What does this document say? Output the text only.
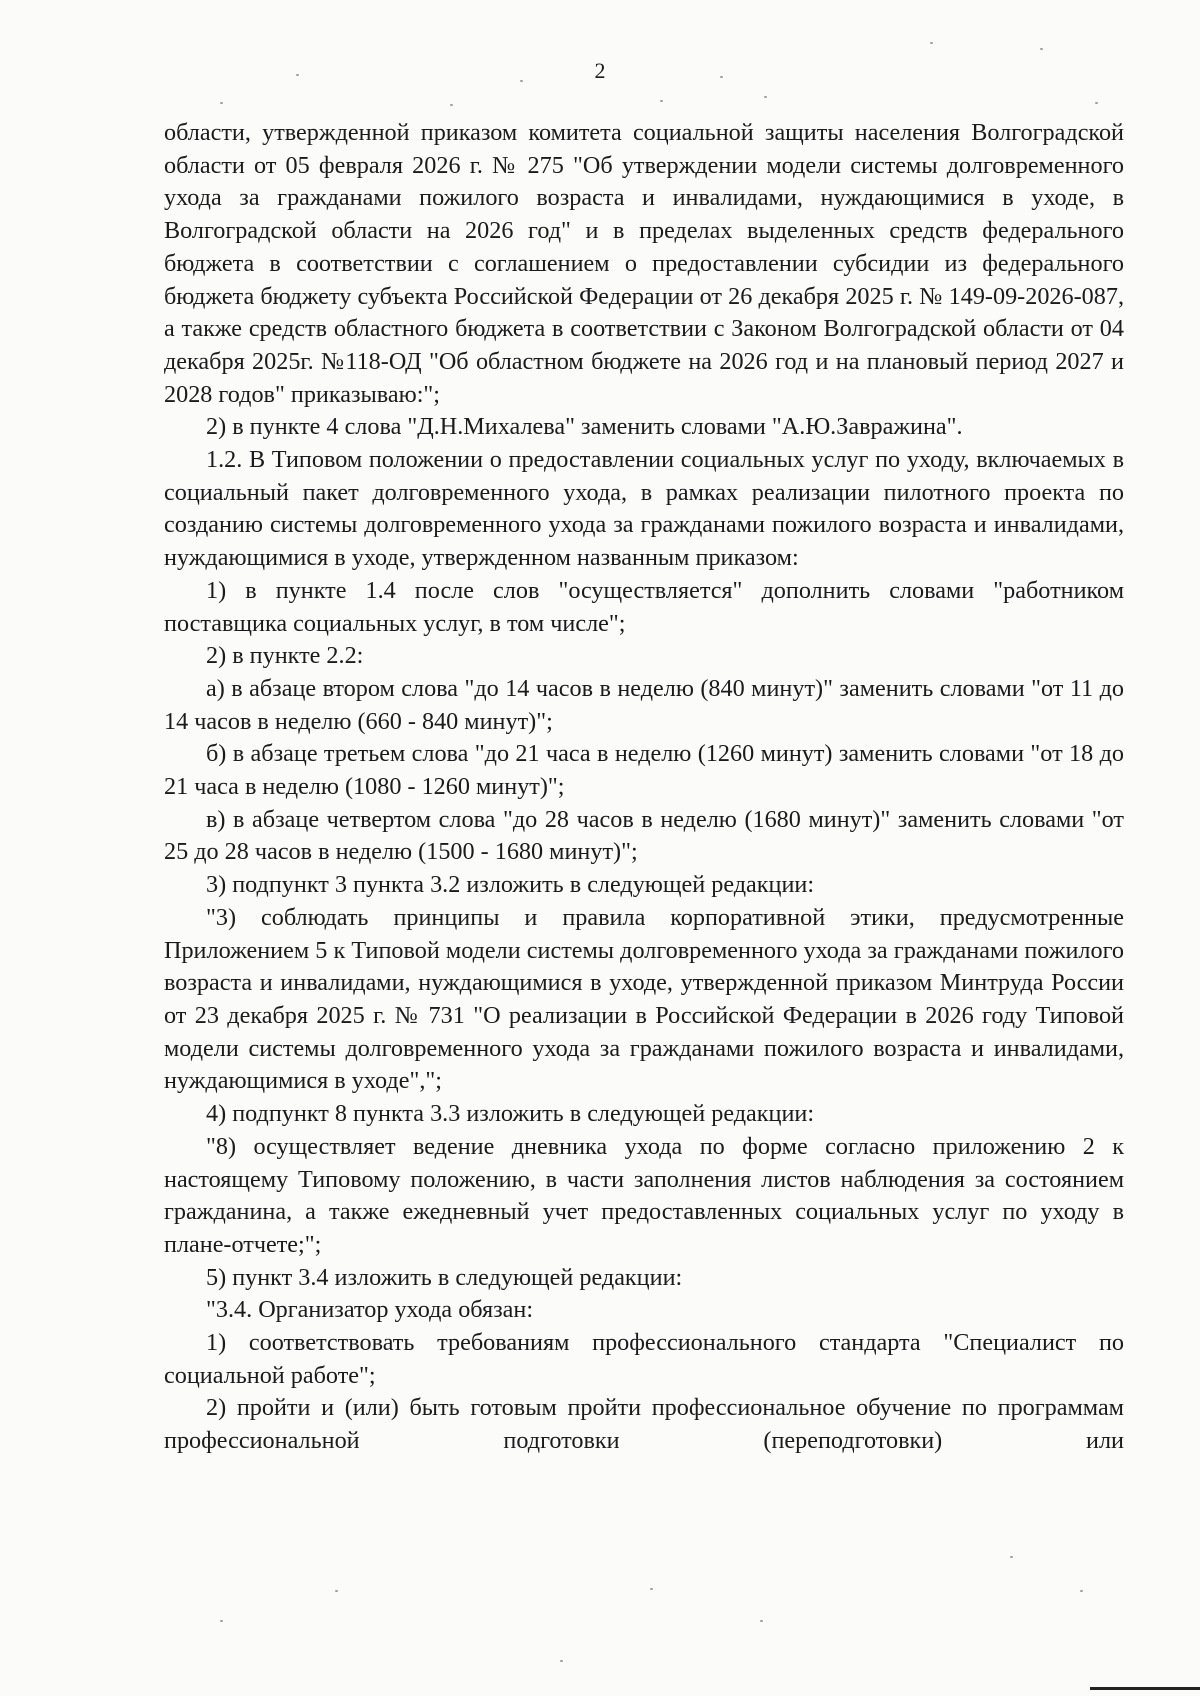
2

области, утвержденной приказом комитета социальной защиты населения Волгоградской области от 05 февраля 2026 г. № 275 "Об утверждении модели системы долговременного ухода за гражданами пожилого возраста и инвалидами, нуждающимися в уходе, в Волгоградской области на 2026 год" и в пределах выделенных средств федерального бюджета в соответствии с соглашением о предоставлении субсидии из федерального бюджета бюджету субъекта Российской Федерации от 26 декабря 2025 г. № 149-09-2026-087, а также средств областного бюджета в соответствии с Законом Волгоградской области от 04 декабря 2025г. №118-ОД "Об областном бюджете на 2026 год и на плановый период 2027 и 2028 годов" приказываю:";

2) в пункте 4 слова "Д.Н.Михалева" заменить словами "А.Ю.Завражина".

1.2. В Типовом положении о предоставлении социальных услуг по уходу, включаемых в социальный пакет долговременного ухода, в рамках реализации пилотного проекта по созданию системы долговременного ухода за гражданами пожилого возраста и инвалидами, нуждающимися в уходе, утвержденном названным приказом:

1) в пункте 1.4 после слов "осуществляется" дополнить словами "работником поставщика социальных услуг, в том числе";

2) в пункте 2.2:

а) в абзаце втором слова "до 14 часов в неделю (840 минут)" заменить словами "от 11 до 14 часов в неделю (660 - 840 минут)";

б) в абзаце третьем слова "до 21 часа в неделю (1260 минут) заменить словами "от 18 до 21 часа в неделю (1080 - 1260 минут)";

в) в абзаце четвертом слова "до 28 часов в неделю (1680 минут)" заменить словами "от 25 до 28 часов в неделю (1500 - 1680 минут)";

3) подпункт 3 пункта 3.2 изложить в следующей редакции:

"3) соблюдать принципы и правила корпоративной этики, предусмотренные Приложением 5 к Типовой модели системы долговременного ухода за гражданами пожилого возраста и инвалидами, нуждающимися в уходе, утвержденной приказом Минтруда России от 23 декабря 2025 г. № 731 "О реализации в Российской Федерации в 2026 году Типовой модели системы долговременного ухода за гражданами пожилого возраста и инвалидами, нуждающимися в уходе",";

4) подпункт 8 пункта 3.3 изложить в следующей редакции:

"8) осуществляет ведение дневника ухода по форме согласно приложению 2 к настоящему Типовому положению, в части заполнения листов наблюдения за состоянием гражданина, а также ежедневный учет предоставленных социальных услуг по уходу в плане-отчете;";

5) пункт 3.4 изложить в следующей редакции:

"3.4. Организатор ухода обязан:

1) соответствовать требованиям профессионального стандарта "Специалист по социальной работе";

2) пройти и (или) быть готовым пройти профессиональное обучение по программам профессиональной подготовки (переподготовки) или
